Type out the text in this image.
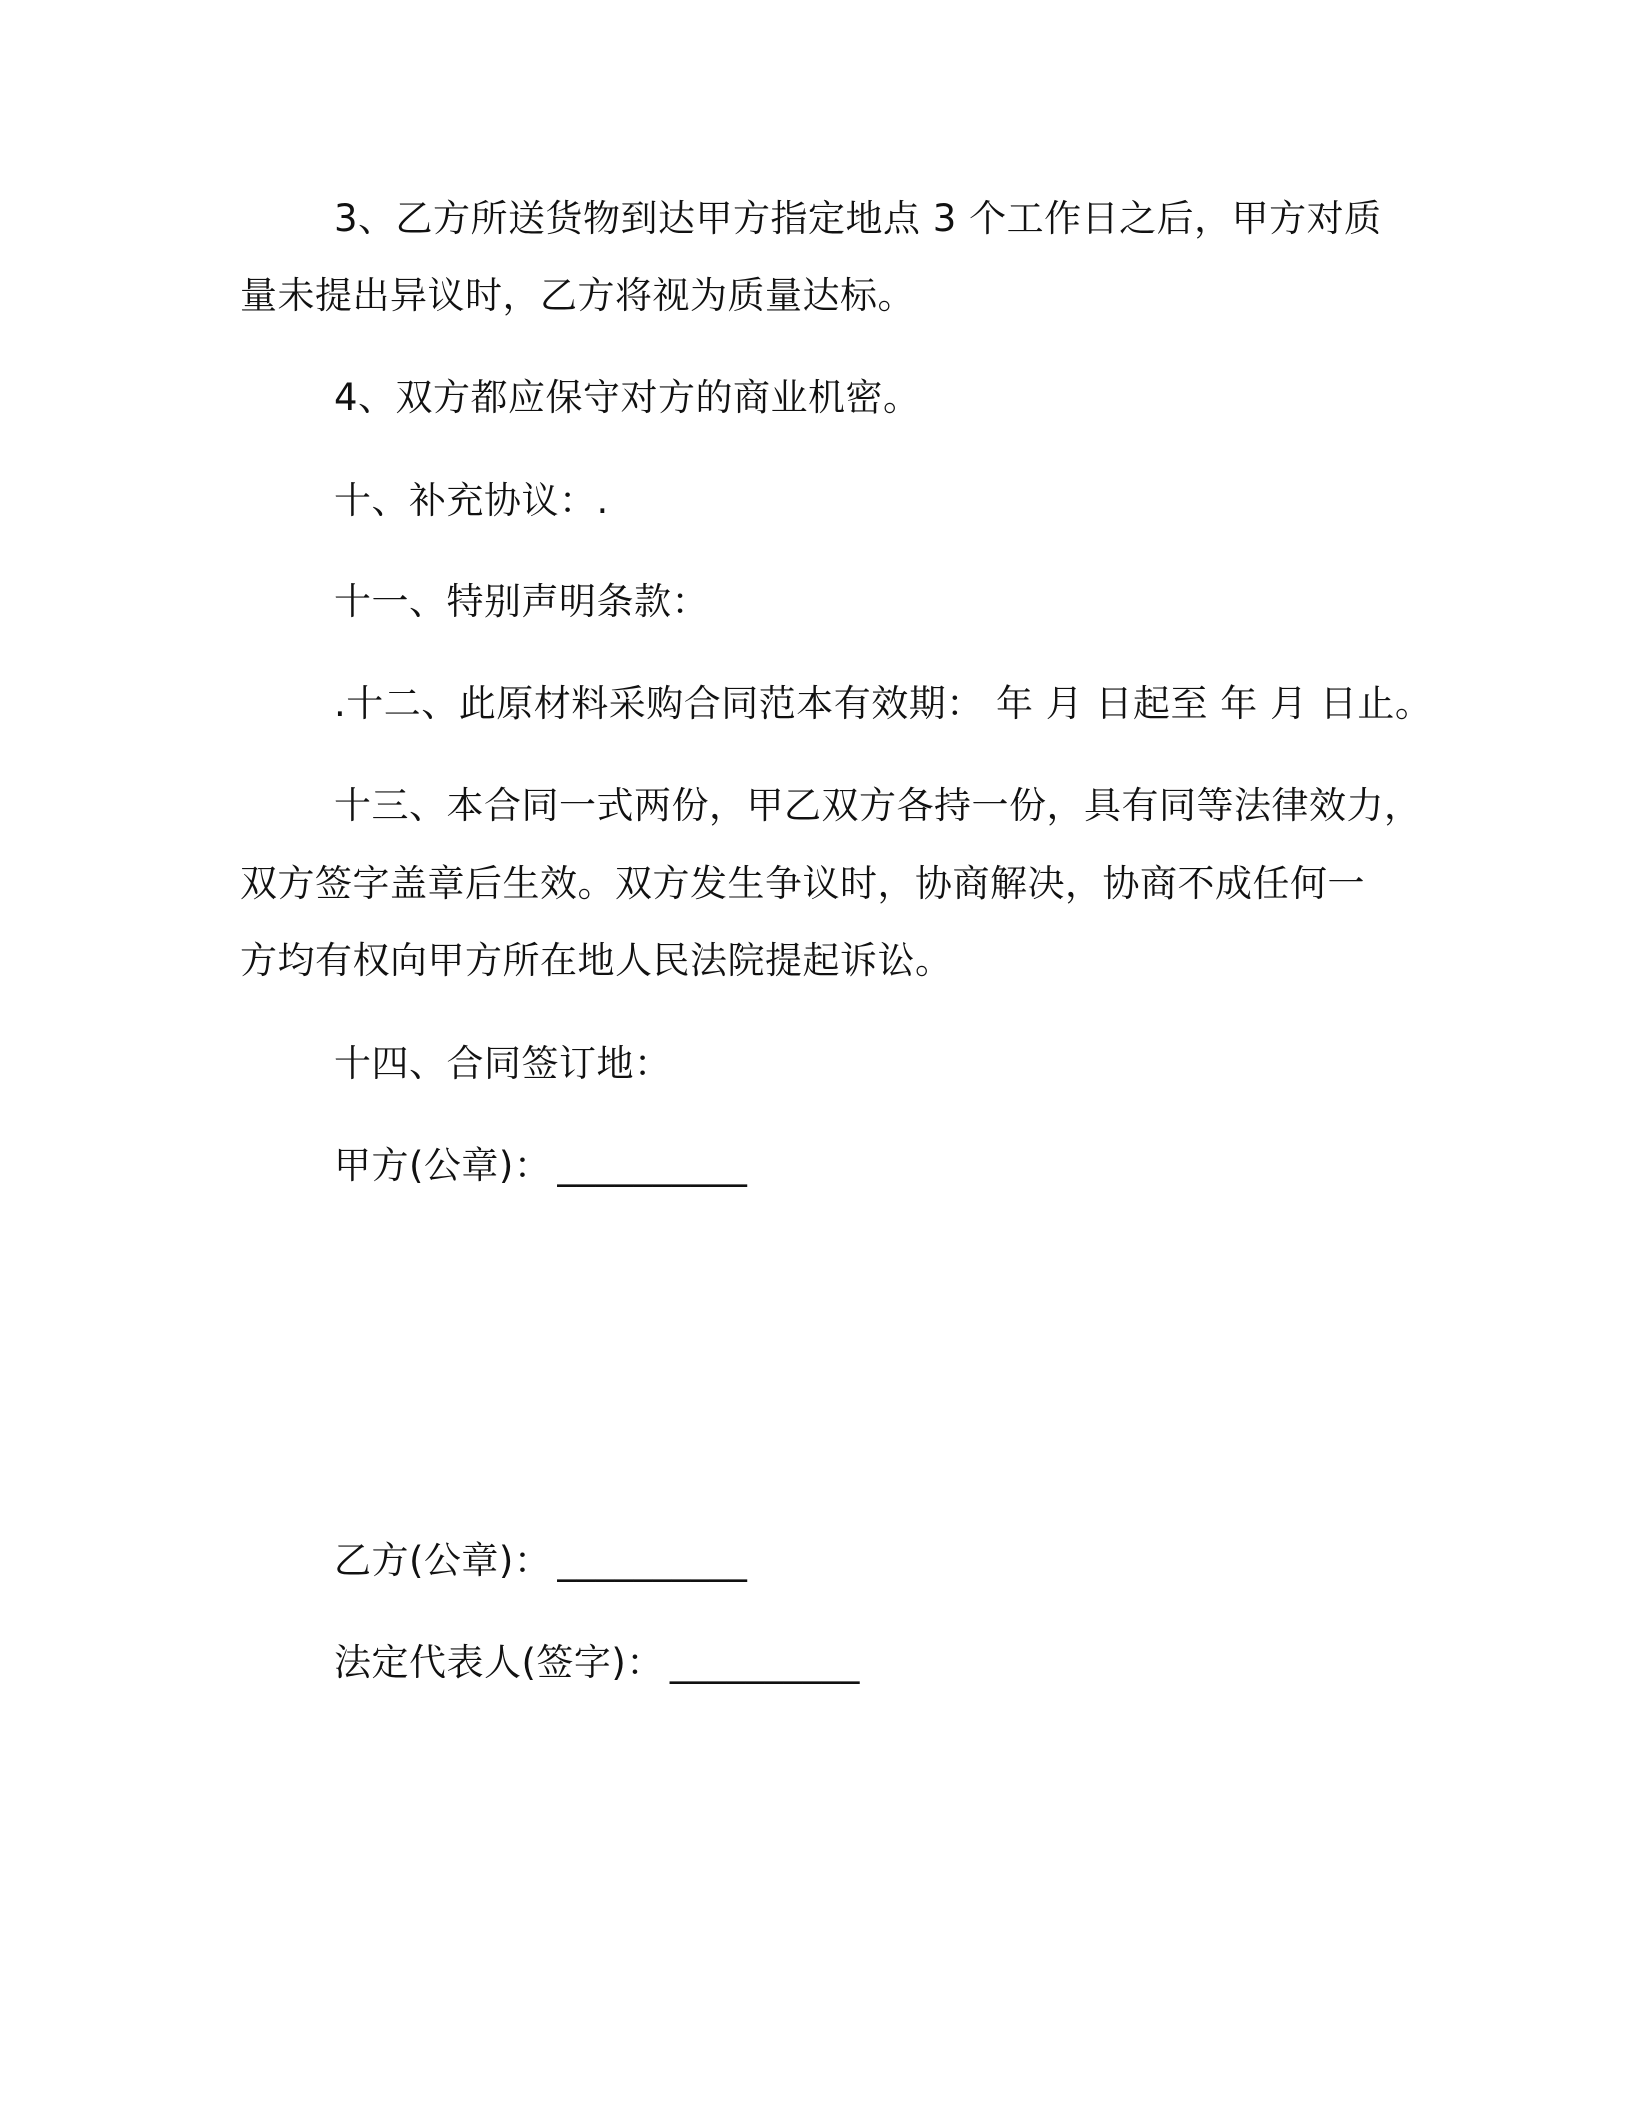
3、乙方所送货物到达甲方指定地点 3 个工作日之后，甲方对质
量未提出异议时，乙方将视为质量达标。
4、双方都应保守对方的商业机密。
十、补充协议：.
十一、特别声明条款：
.十二、此原材料采购合同范本有效期： 年 月 日起至 年 月 日止。
十三、本合同一式两份，甲乙双方各持一份，具有同等法律效力，
双方签字盖章后生效。双方发生争议时，协商解决，协商不成任何一
方均有权向甲方所在地人民法院提起诉讼。
十四、合同签订地：
甲方(公章)： __________
乙方(公章)： __________
法定代表人(签字)： __________
